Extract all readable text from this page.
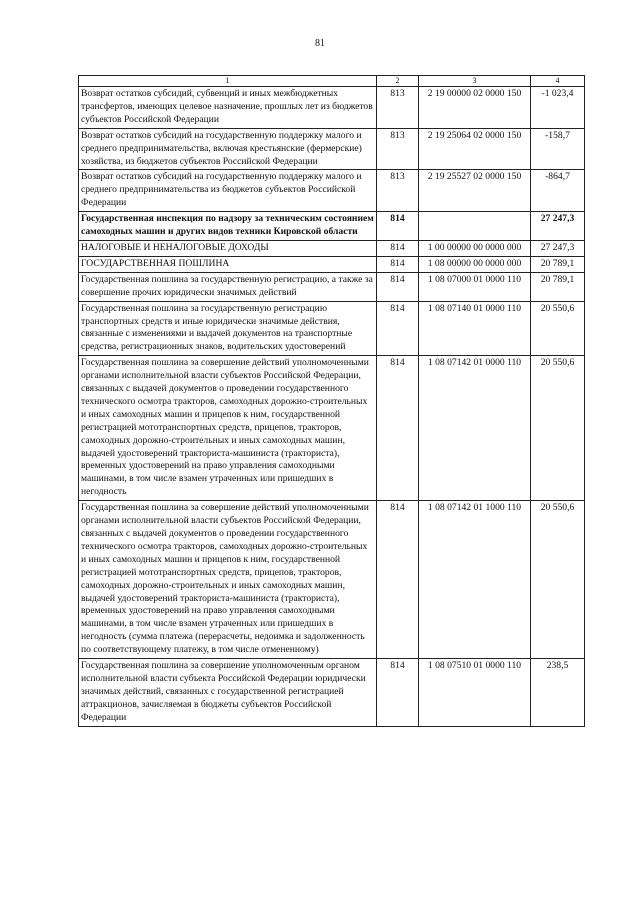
81
1	2	3	4
Возврат остатков субсидий, субвенций и иных межбюджетных трансфертов, имеющих целевое назначение, прошлых лет из бюджетов субъектов Российской Федерации	813	2 19 00000 02 0000 150	-1 023,4
Возврат остатков субсидий на государственную поддержку малого и среднего предпринимательства, включая крестьянские (фермерские) хозяйства, из бюджетов субъектов Российской Федерации	813	2 19 25064 02 0000 150	-158,7
Возврат остатков субсидий на государственную поддержку малого и среднего предпринимательства из бюджетов субъектов Российской Федерации	813	2 19 25527 02 0000 150	-864,7
Государственная инспекция по надзору за техническим состоянием самоходных машин и других видов техники Кировской области	814		27 247,3
НАЛОГОВЫЕ И НЕНАЛОГОВЫЕ ДОХОДЫ	814	1 00 00000 00 0000 000	27 247,3
ГОСУДАРСТВЕННАЯ ПОШЛИНА	814	1 08 00000 00 0000 000	20 789,1
Государственная пошлина за государственную регистрацию, а также за совершение прочих юридически значимых действий	814	1 08 07000 01 0000 110	20 789,1
Государственная пошлина за государственную регистрацию транспортных средств и иные юридически значимые действия, связанные с изменениями и выдачей документов на транспортные средства, регистрационных знаков, водительских удостоверений	814	1 08 07140 01 0000 110	20 550,6
Государственная пошлина за совершение действий уполномоченными органами исполнительной власти субъектов Российской Федерации, связанных с выдачей документов о проведении государственного технического осмотра тракторов, самоходных дорожно-строительных и иных самоходных машин и прицепов к ним, государственной регистрацией мототранспортных средств, прицепов, тракторов, самоходных дорожно-строительных и иных самоходных машин, выдачей удостоверений тракториста-машиниста (тракториста), временных удостоверений на право управления самоходными машинами, в том числе взамен утраченных или пришедших в негодность	814	1 08 07142 01 0000 110	20 550,6
Государственная пошлина за совершение действий уполномоченными органами исполнительной власти субъектов Российской Федерации, связанных с выдачей документов о проведении государственного технического осмотра тракторов, самоходных дорожно-строительных и иных самоходных машин и прицепов к ним, государственной регистрацией мототранспортных средств, прицепов, тракторов, самоходных дорожно-строительных и иных самоходных машин, выдачей удостоверений тракториста-машиниста (тракториста), временных удостоверений на право управления самоходными машинами, в том числе взамен утраченных или пришедших в негодность (сумма платежа (перерасчеты, недоимка и задолженность по соответствующему платежу, в том числе отмененному)	814	1 08 07142 01 1000 110	20 550,6
Государственная пошлина за совершение уполномоченным органом исполнительной власти субъекта Российской Федерации юридически значимых действий, связанных с государственной регистрацией аттракционов, зачисляемая в бюджеты субъектов Российской Федерации	814	1 08 07510 01 0000 110	238,5
